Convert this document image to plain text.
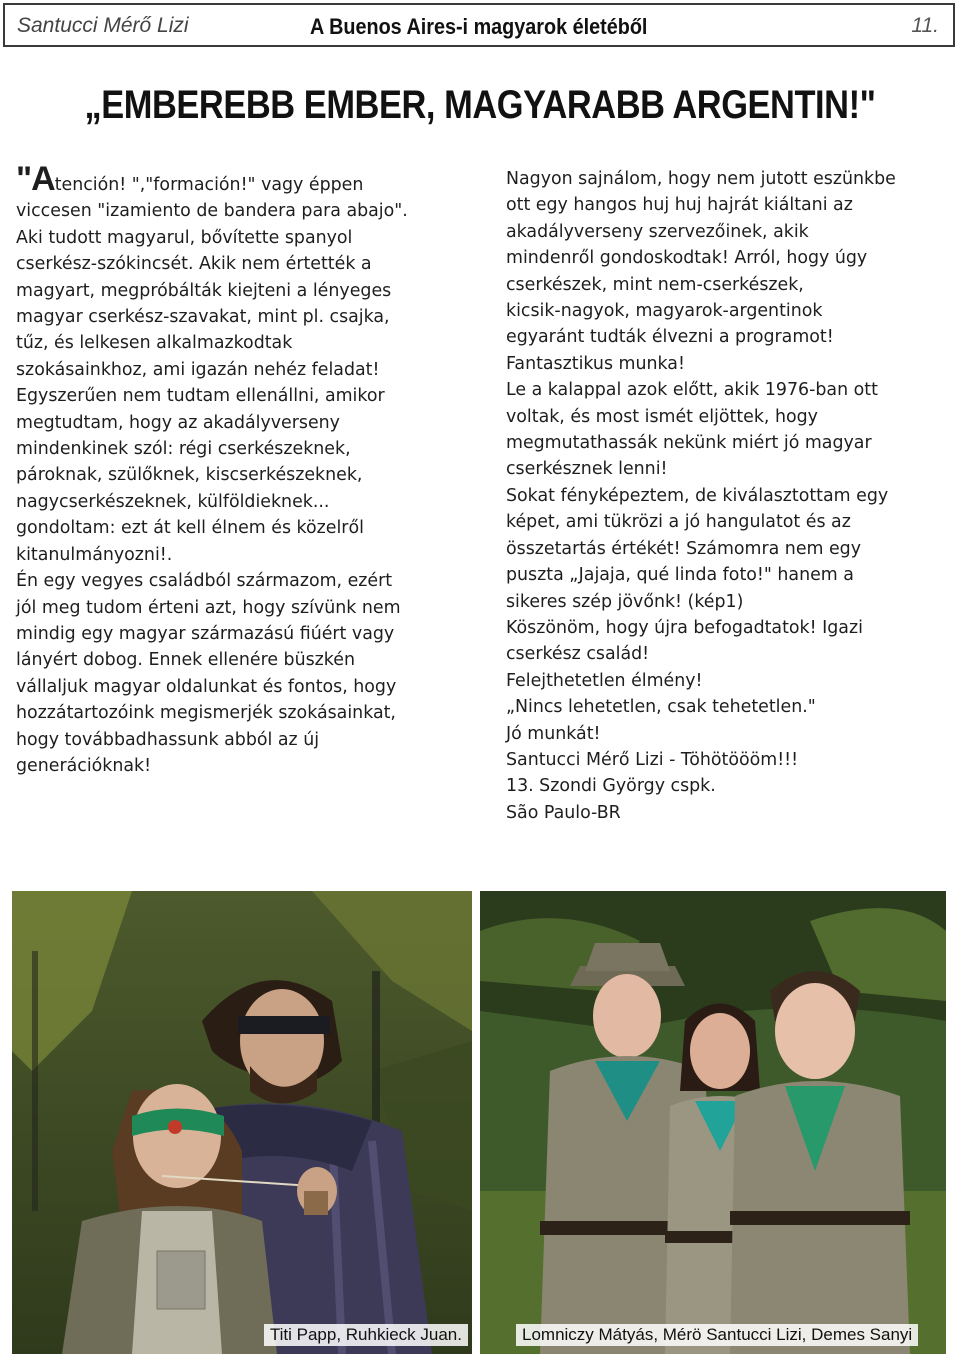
Santucci Mérő Lizi	A Buenos Aires-i magyarok életéből	11.
„EMBEREBB EMBER, MAGYARABB ARGENTIN!"
"Atención! ","formación!" vagy éppen
viccesen "izamiento de bandera para abajo".
Aki tudott magyarul, bővítette spanyol
cserkész-szókincsét. Akik nem értették a
magyart, megpróbálták kiejteni a lényeges
magyar cserkész-szavakat, mint pl. csajka,
tűz, és lelkesen alkalmazkodtak
szokásainkhoz, ami igazán nehéz feladat!
Egyszerűen nem tudtam ellenállni, amikor
megtudtam, hogy az akadályverseny
mindenkinek szól: régi cserkészeknek,
pároknak, szülőknek, kiscserkészeknek,
nagycserkészeknek, külföldieknek...
gondoltam: ezt át kell élnem és közelről
kitanulmányozni!.
Én egy vegyes családból származom, ezért
jól meg tudom érteni azt, hogy szívünk nem
mindig egy magyar származású fiúért vagy
lányért dobog. Ennek ellenére büszkén
vállaljuk magyar oldalunkat és fontos, hogy
hozzátartozóink megismerjék szokásainkat,
hogy továbbadhassunk abból az új
generációknak!
Nagyon sajnálom, hogy nem jutott eszünkbe
ott egy hangos huj huj hajrát kiáltani az
akadályverseny szervezőinek, akik
mindenről gondoskodtak! Arról, hogy úgy
cserkészek, mint nem-cserkészek,
kicsik-nagyok, magyarok-argentinok
egyaránt tudták élvezni a programot!
Fantasztikus munka!
Le a kalappal azok előtt, akik 1976-ban ott
voltak, és most ismét eljöttek, hogy
megmutathassák nekünk miért jó magyar
cserkésznek lenni!
Sokat fényképeztem, de kiválasztottam egy
képet, ami tükrözi a jó hangulatot és az
összetartás értékét! Számomra nem egy
puszta „Jajaja, qué linda foto!" hanem a
sikeres szép jövőnk! (kép1)
Köszönöm, hogy újra befogadtatok! Igazi
cserkész család!
Felejthetetlen élmény!
„Nincs lehetetlen, csak tehetetlen."
Jó munkát!
Santucci Mérő Lizi - Töhötöööm!!!
13. Szondi György cspk.
São Paulo-BR
Titi Papp, Ruhkieck Juan.	Lomniczy Mátyás, Mérö Santucci Lizi, Demes Sanyi
